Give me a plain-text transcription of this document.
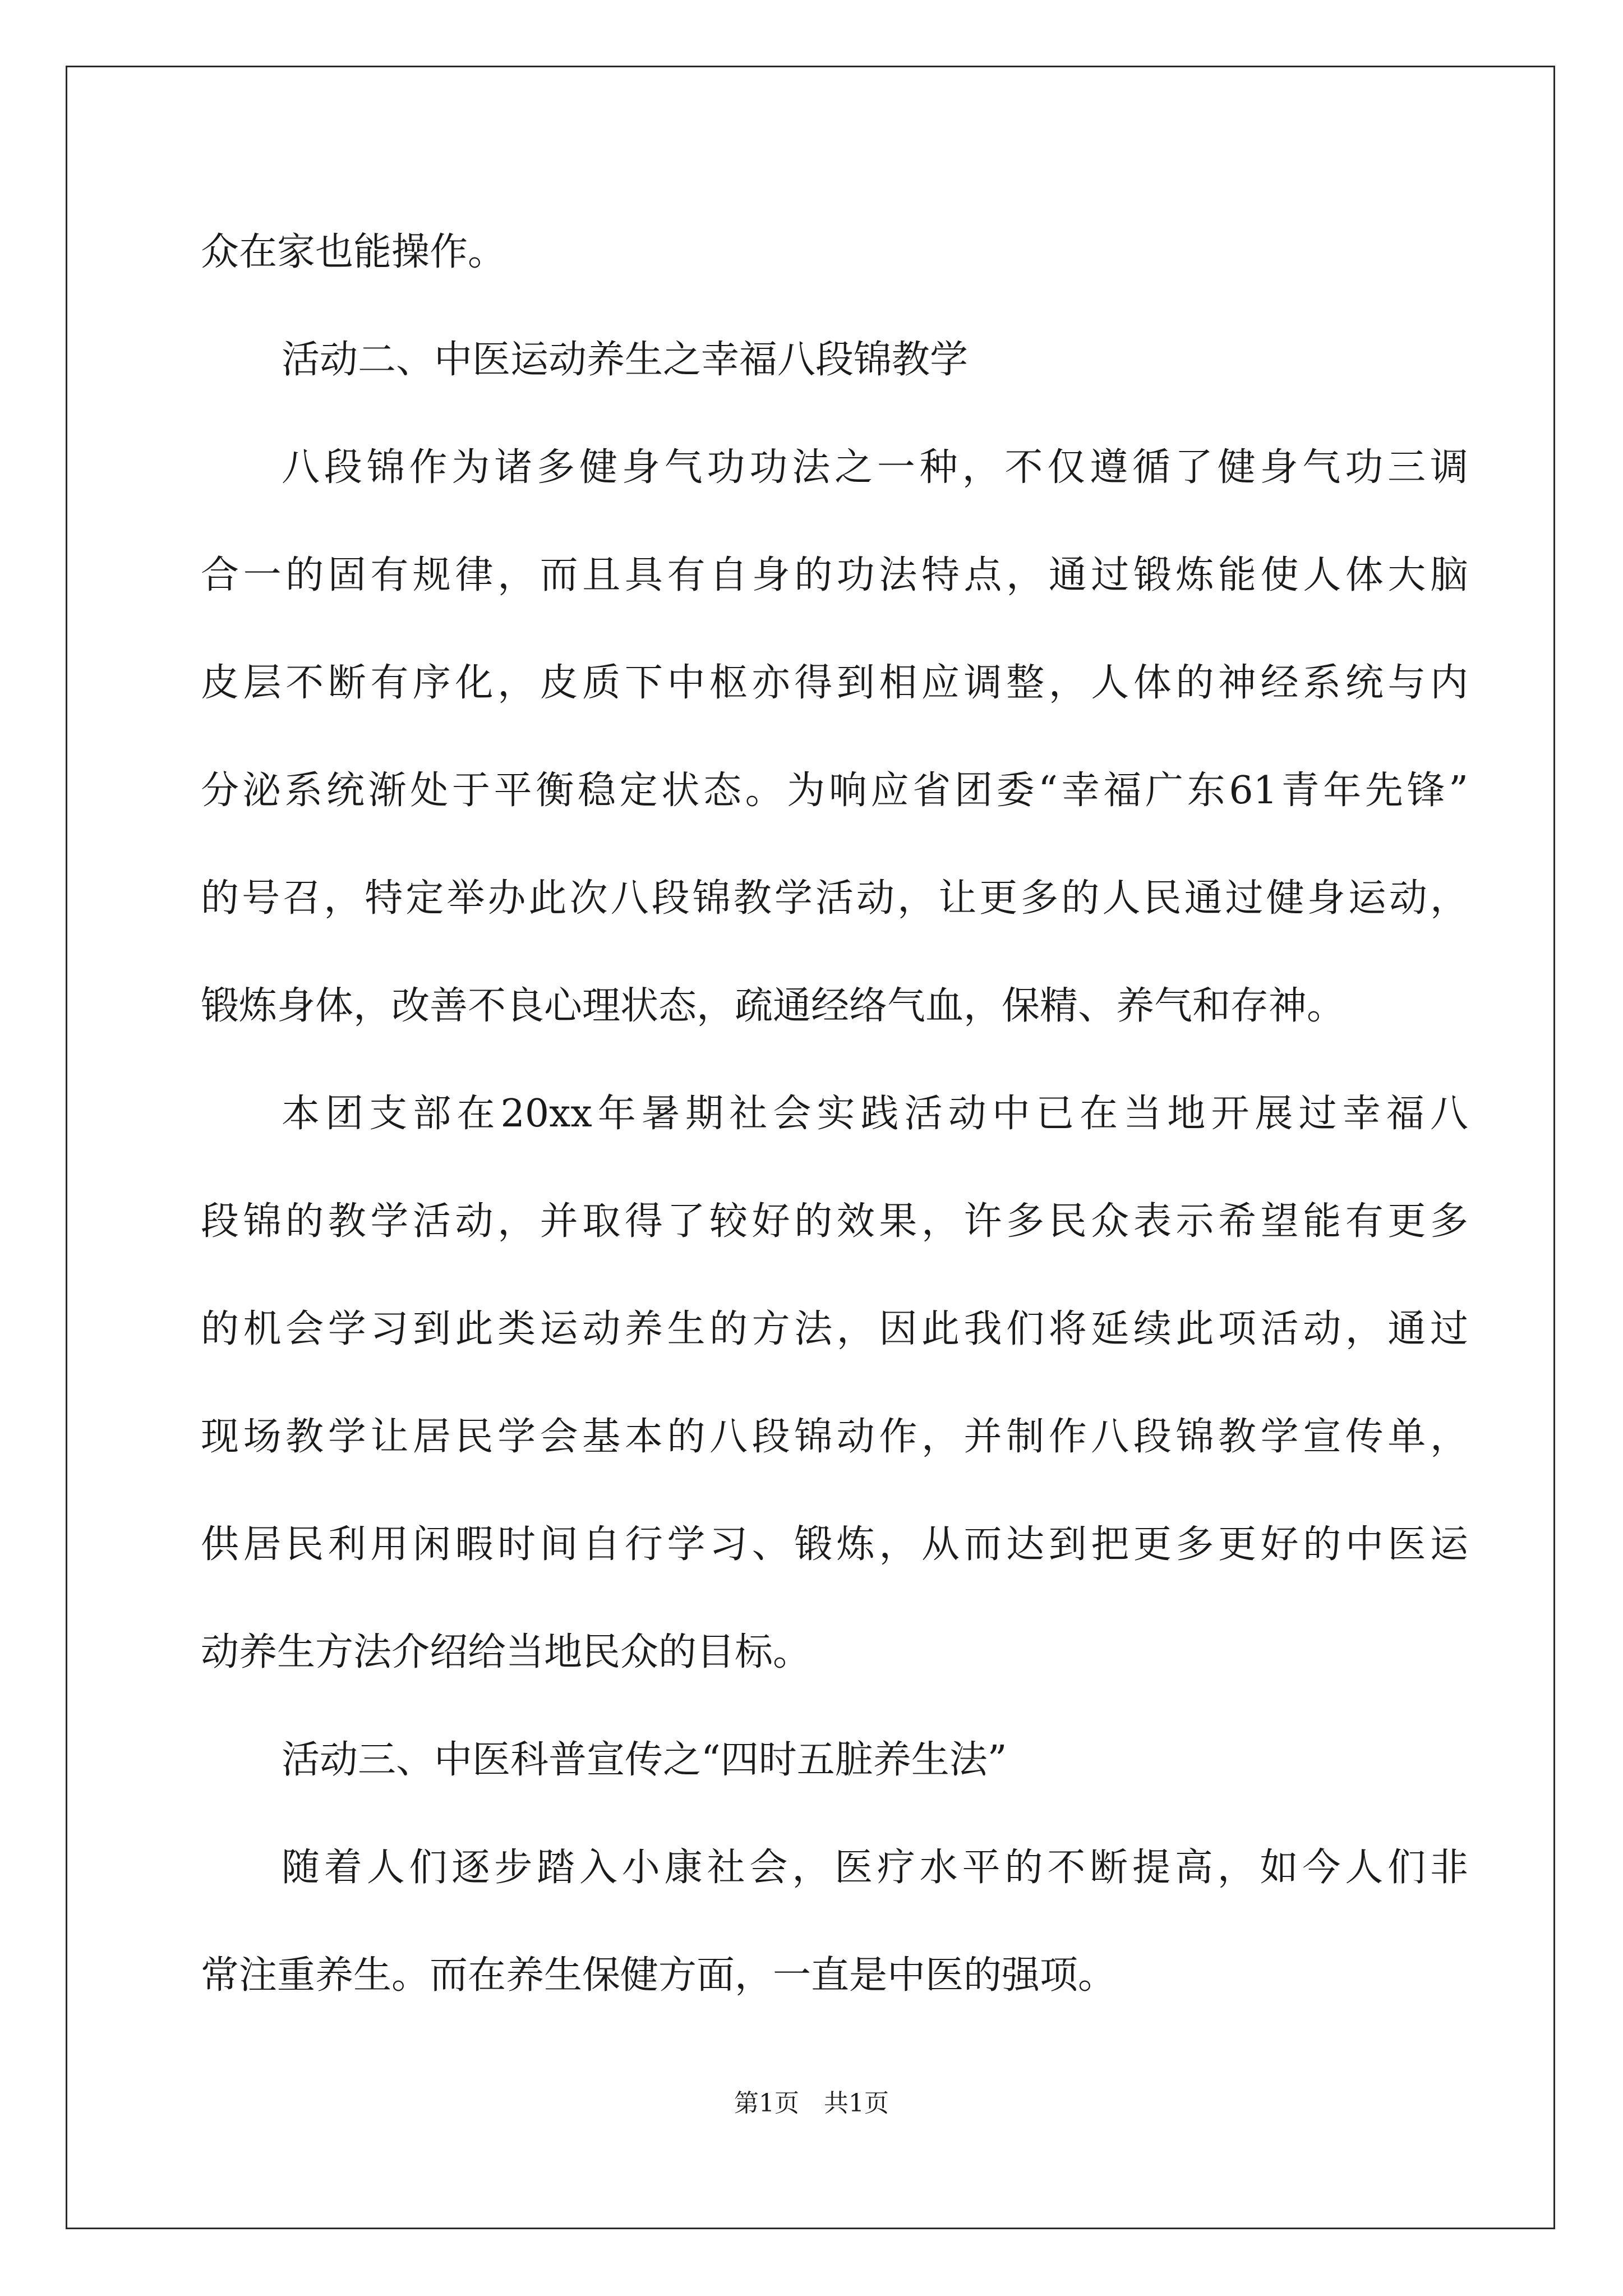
众在家也能操作。
活动二、中医运动养生之幸福八段锦教学
八段锦作为诸多健身气功功法之一种，不仅遵循了健身气功三调
合一的固有规律，而且具有自身的功法特点，通过锻炼能使人体大脑
皮层不断有序化，皮质下中枢亦得到相应调整，人体的神经系统与内
分泌系统渐处于平衡稳定状态。为响应省团委“幸福广东61青年先锋”
的号召，特定举办此次八段锦教学活动，让更多的人民通过健身运动，
锻炼身体，改善不良心理状态，疏通经络气血，保精、养气和存神。
本团支部在20xx年暑期社会实践活动中已在当地开展过幸福八
段锦的教学活动，并取得了较好的效果，许多民众表示希望能有更多
的机会学习到此类运动养生的方法，因此我们将延续此项活动，通过
现场教学让居民学会基本的八段锦动作，并制作八段锦教学宣传单，
供居民利用闲暇时间自行学习、锻炼，从而达到把更多更好的中医运
动养生方法介绍给当地民众的目标。
活动三、中医科普宣传之“四时五脏养生法”
随着人们逐步踏入小康社会，医疗水平的不断提高，如今人们非
常注重养生。而在养生保健方面，一直是中医的强项。
第1页　共1页
